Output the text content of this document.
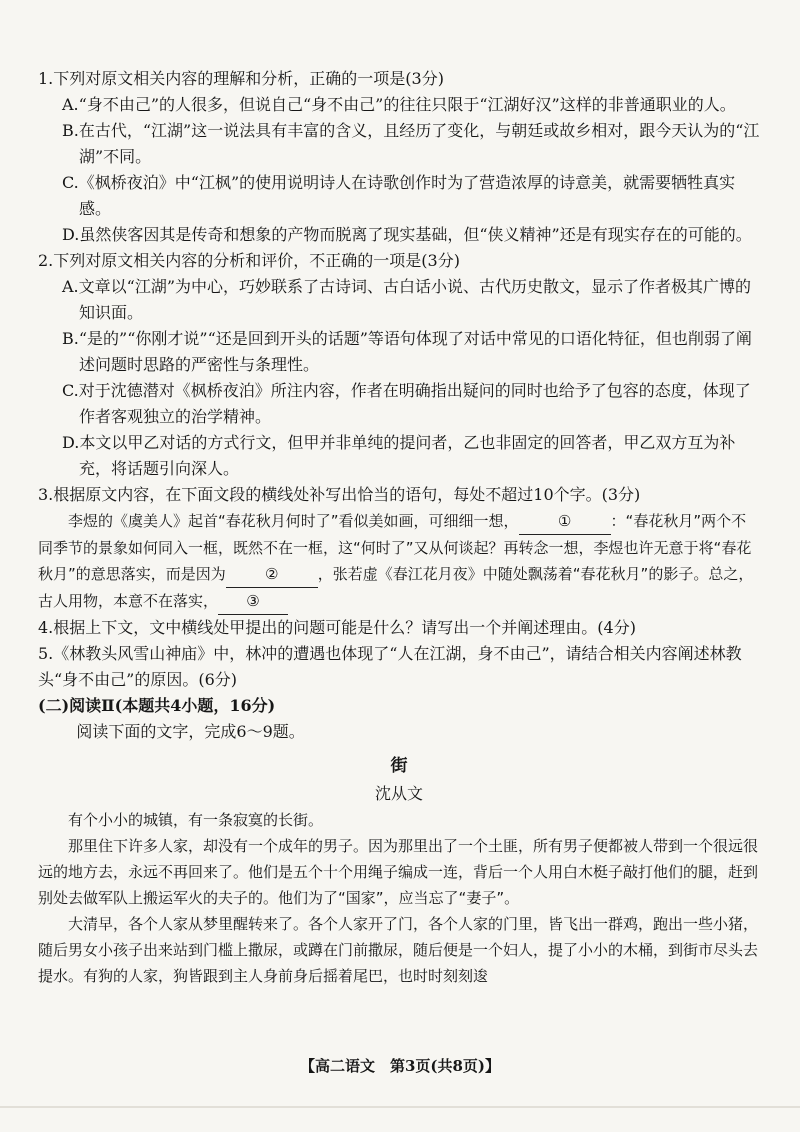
1.下列对原文相关内容的理解和分析，正确的一项是(3分)

A.“身不由己”的人很多，但说自己“身不由己”的往往只限于“江湖好汉”这样的非普通职业的人。

B.在古代，“江湖”这一说法具有丰富的含义，且经历了变化，与朝廷或故乡相对，跟今天认为的“江湖”不同。

C.《枫桥夜泊》中“江枫”的使用说明诗人在诗歌创作时为了营造浓厚的诗意美，就需要牺牲真实感。

D.虽然侠客因其是传奇和想象的产物而脱离了现实基础，但“侠义精神”还是有现实存在的可能的。

2.下列对原文相关内容的分析和评价，不正确的一项是(3分)

A.文章以“江湖”为中心，巧妙联系了古诗词、古白话小说、古代历史散文，显示了作者极其广博的知识面。

B.“是的”“你刚才说”“还是回到开头的话题”等语句体现了对话中常见的口语化特征，但也削弱了阐述问题时思路的严密性与条理性。

C.对于沈德潜对《枫桥夜泊》所注内容，作者在明确指出疑问的同时也给予了包容的态度，体现了作者客观独立的治学精神。

D.本文以甲乙对话的方式行文，但甲并非单纯的提问者，乙也非固定的回答者，甲乙双方互为补充，将话题引向深人。

3.根据原文内容，在下面文段的横线处补写出恰当的语句，每处不超过10个字。(3分)

李煜的《虞美人》起首“春花秋月何时了”看似美如画，可细细一想，	①	：“春花秋月”两个不同季节的景象如何同入一框，既然不在一框，这“何时了”又从何谈起？再转念一想，李煜也许无意于将“春花秋月”的意思落实，而是因为	②	，张若虚《春江花月夜》中随处飘荡着“春花秋月”的影子。总之，古人用物，本意不在落实， ③

4.根据上下文，文中横线处甲提出的问题可能是什么？请写出一个并阐述理由。(4分)

5.《林教头风雪山神庙》中，林冲的遭遇也体现了“人在江湖，身不由己”，请结合相关内容阐述林教头“身不由己”的原因。(6分)

(二)阅读Ⅱ(本题共4小题，16分)

阅读下面的文字，完成6～9题。

街

沈从文

有个小小的城镇，有一条寂寞的长街。

那里住下许多人家，却没有一个成年的男子。因为那里出了一个土匪，所有男子便都被人带到一个很远很远的地方去，永远不再回来了。他们是五个十个用绳子编成一连，背后一个人用白木梃子敲打他们的腿，赶到别处去做军队上搬运军火的夫子的。他们为了“国家”，应当忘了“妻子”。

大清早，各个人家从梦里醒转来了。各个人家开了门，各个人家的门里，皆飞出一群鸡，跑出一些小猪，随后男女小孩子出来站到门槛上撒尿，或蹲在门前撒尿，随后便是一个妇人，提了小小的木桶，到街市尽头去提水。有狗的人家，狗皆跟到主人身前身后摇着尾巴，也时时刻刻逡

【高二语文　第3页(共8页)】
